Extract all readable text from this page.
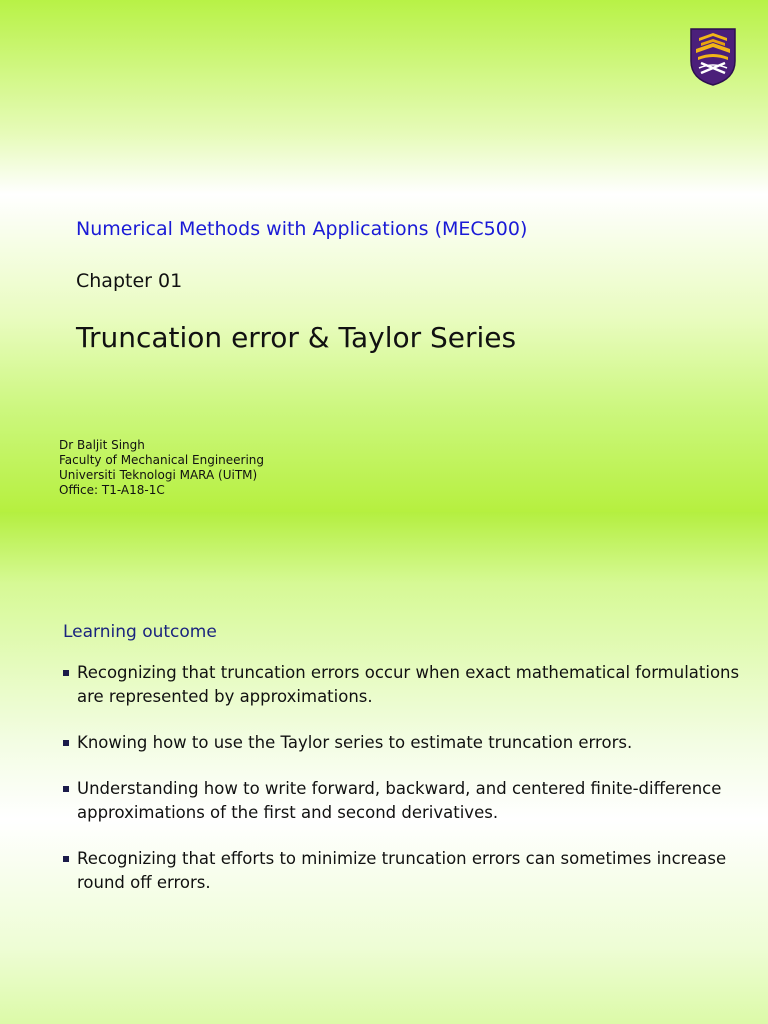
Numerical Methods with Applications (MEC500)
Chapter 01
Truncation error & Taylor Series
Dr Baljit Singh
Faculty of Mechanical Engineering
Universiti Teknologi MARA (UiTM)
Office: T1-A18-1C
Learning outcome
Recognizing that truncation errors occur when exact mathematical formulations are represented by approximations.
Knowing how to use the Taylor series to estimate truncation errors.
Understanding how to write forward, backward, and centered finite-difference approximations of the first and second derivatives.
Recognizing that efforts to minimize truncation errors can sometimes increase round off errors.
